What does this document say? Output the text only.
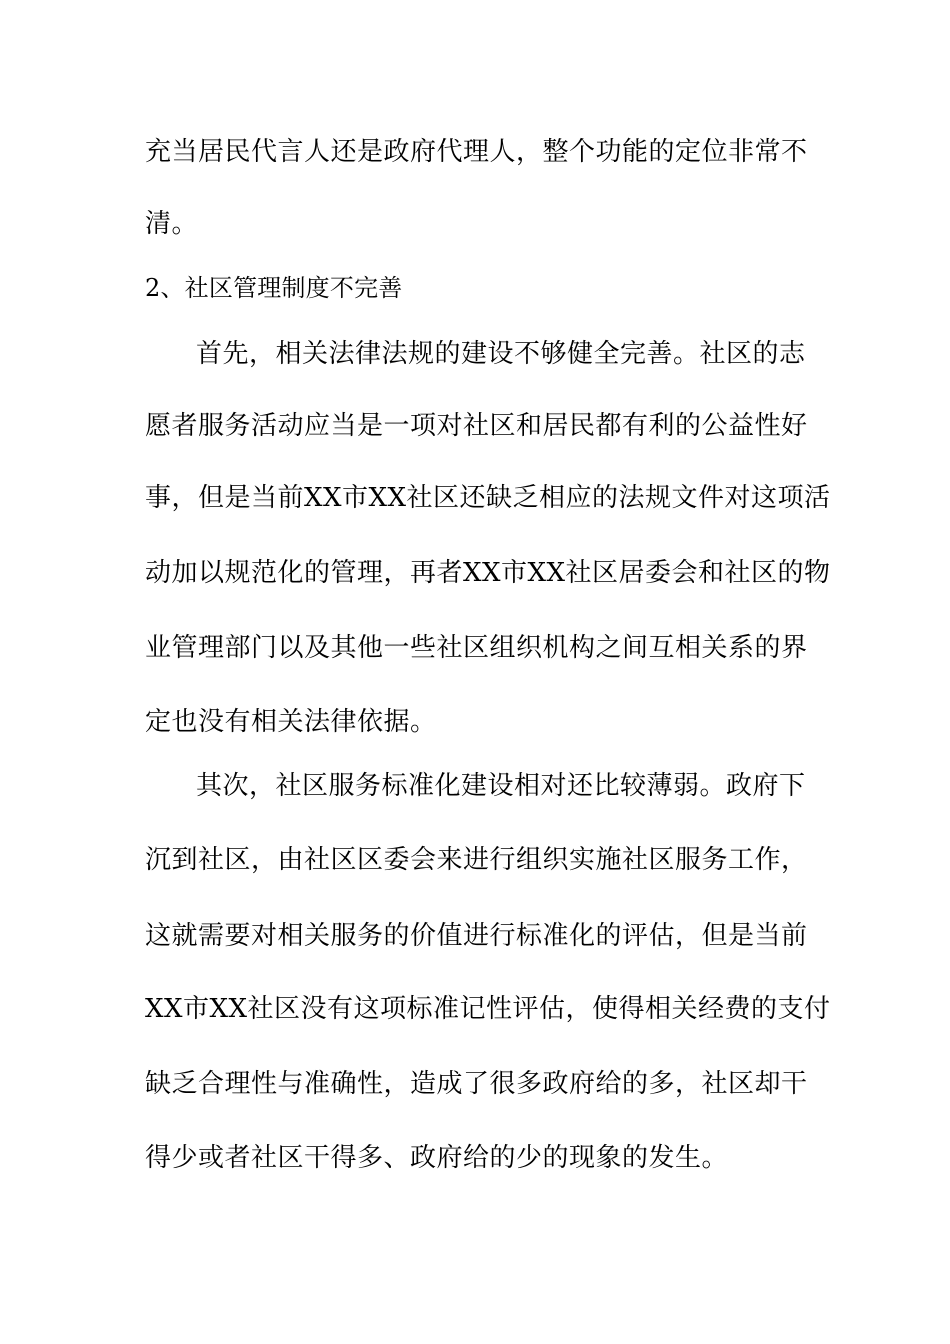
充当居民代言人还是政府代理人，整个功能的定位非常不
清。
2、社区管理制度不完善
首先，相关法律法规的建设不够健全完善。社区的志
愿者服务活动应当是一项对社区和居民都有利的公益性好
事，但是当前XX市XX社区还缺乏相应的法规文件对这项活
动加以规范化的管理，再者XX市XX社区居委会和社区的物
业管理部门以及其他一些社区组织机构之间互相关系的界
定也没有相关法律依据。
其次，社区服务标准化建设相对还比较薄弱。政府下
沉到社区，由社区区委会来进行组织实施社区服务工作，
这就需要对相关服务的价值进行标准化的评估，但是当前
XX市XX社区没有这项标准记性评估，使得相关经费的支付
缺乏合理性与准确性，造成了很多政府给的多，社区却干
得少或者社区干得多、政府给的少的现象的发生。
